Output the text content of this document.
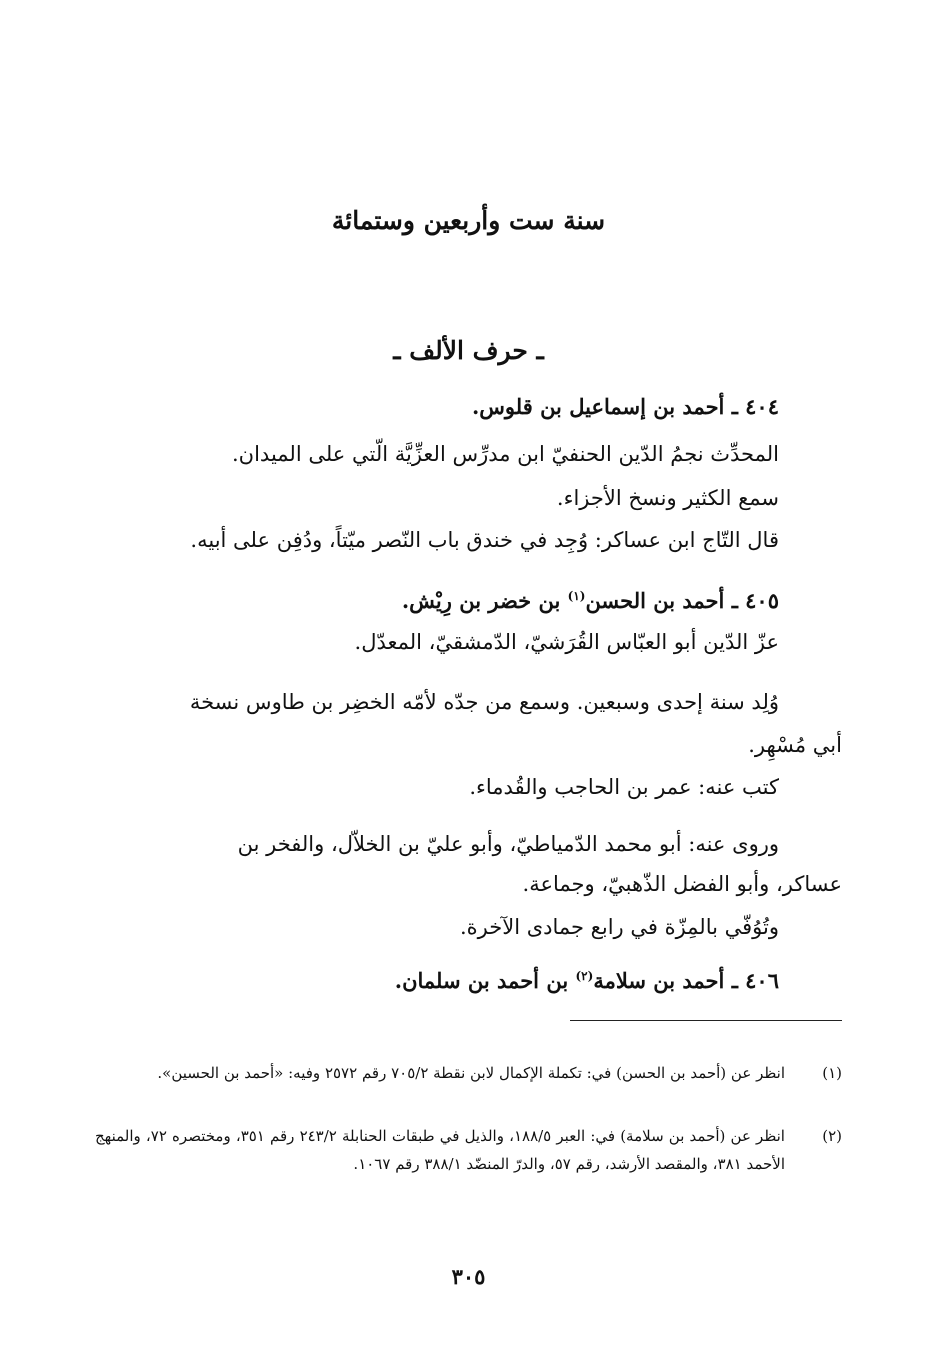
سنة ست وأربعين وستمائة
ـ حرف الألف ـ
٤٠٤ ـ أحمد بن إسماعيل بن قلوس.
المحدِّث نجمُ الدّين الحنفيّ ابن مدرِّس العزِّيَّة الّتي على الميدان.
سمع الكثير ونسخ الأجزاء.
قال التّاج ابن عساكر: وُجِد في خندق باب النّصر ميّتاً، ودُفِن على أبيه.
٤٠٥ ـ أحمد بن الحسن$^{(١)}$ بن خضر بن رِيْش.
عزّ الدّين أبو العبّاس القُرَشيّ، الدّمشقيّ، المعدّل.
وُلِد سنة إحدى وسبعين. وسمع من جدّه لأمّه الخضِر بن طاوس نسخة
أبي مُسْهِر.
كتب عنه: عمر بن الحاجب والقُدماء.
وروى عنه: أبو محمد الدّمياطيّ، وأبو عليّ بن الخلاّل، والفخر بن
عساكر، وأبو الفضل الذّهبيّ، وجماعة.
وتُوُفّي بالمِزّة في رابع جمادى الآخرة.
٤٠٦ ـ أحمد بن سلامة$^{(٢)}$ بن أحمد بن سلمان.
(١)
انظر عن (أحمد بن الحسن) في: تكملة الإكمال لابن نقطة ٧٠٥/٢ رقم ٢٥٧٢ وفيه: «أحمد بن الحسين».
(٢)
انظر عن (أحمد بن سلامة) في: العبر ١٨٨/٥، والذيل في طبقات الحنابلة ٢٤٣/٢ رقم ٣٥١، ومختصره ٧٢، والمنهج الأحمد ٣٨١، والمقصد الأرشد، رقم ٥٧، والدرّ المنضّد ٣٨٨/١ رقم ١٠٦٧.
٣٠٥
